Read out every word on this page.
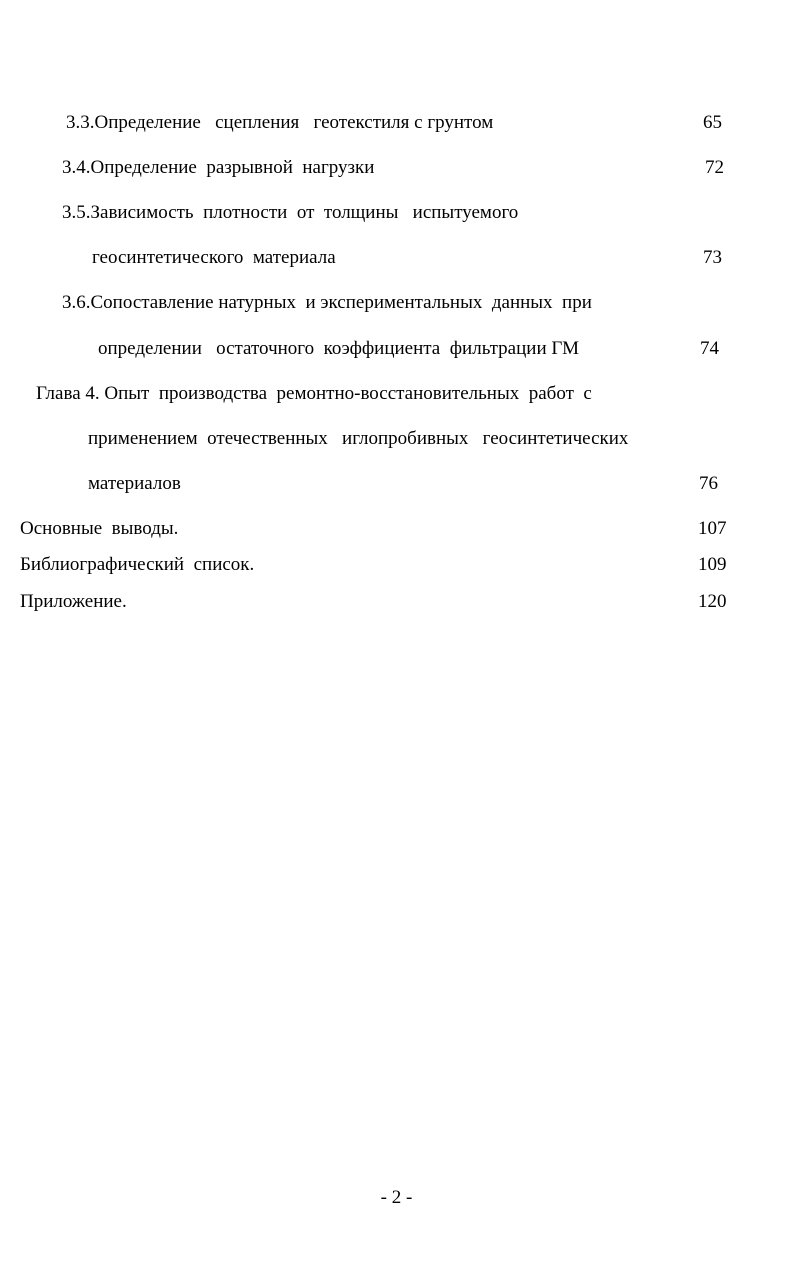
3.3.Определение   сцепления   геотекстиля с грунтом	65
3.4.Определение  разрывной  нагрузки	72
3.5.Зависимость  плотности  от  толщины   испытуемого
геосинтетического  материала	73
3.6.Сопоставление натурных  и экспериментальных  данных  при
определении   остаточного  коэффициента  фильтрации ГМ	74
Глава 4. Опыт  производства  ремонтно-восстановительных  работ  с
применением  отечественных   иглопробивных   геосинтетических
материалов	76
Основные  выводы.	107
Библиографический  список.	109
Приложение.	120
- 2 -
